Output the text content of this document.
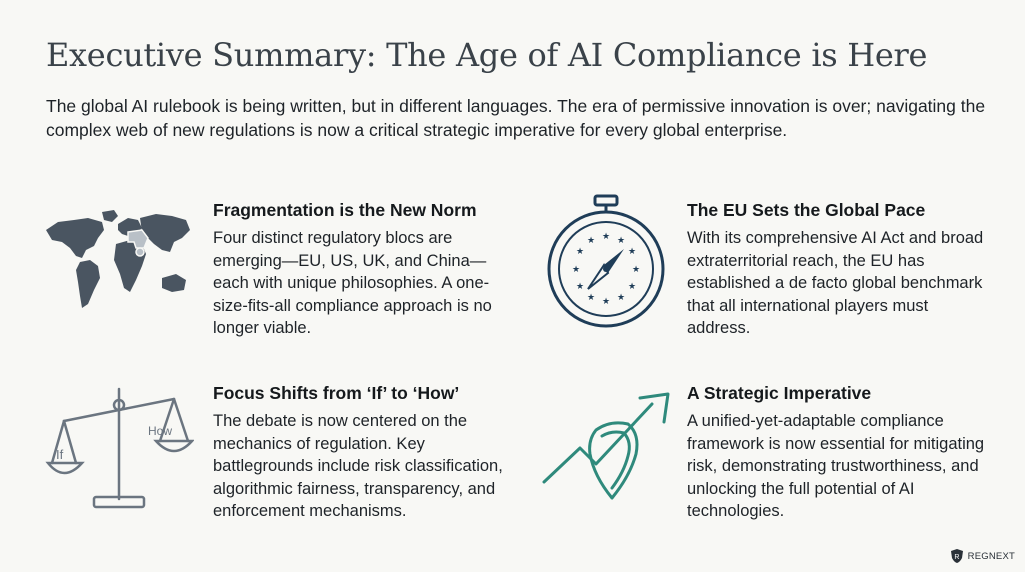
Executive Summary: The Age of AI Compliance is Here

The global AI rulebook is being written, but in different languages. The era of permissive innovation is over; navigating the complex web of new regulations is now a critical strategic imperative for every global enterprise.

Fragmentation is the New Norm

Four distinct regulatory blocs are emerging—EU, US, UK, and China—each with unique philosophies. A one-size-fits-all compliance approach is no longer viable.

★ ★
★
★
★
★
★
★
★
★
★
★
The EU Sets the Global Pace

With its comprehensive AI Act and broad extraterritorial reach, the EU has established a de facto global benchmark that all international players must address.

If
How
Focus Shifts from ‘If’ to ‘How’

The debate is now centered on the mechanics of regulation. Key battlegrounds include risk classification, algorithmic fairness, transparency, and enforcement mechanisms.

A Strategic Imperative

A unified-yet-adaptable compliance framework is now essential for mitigating risk, demonstrating trustworthiness, and unlocking the full potential of AI technologies.

R REGNEXT
